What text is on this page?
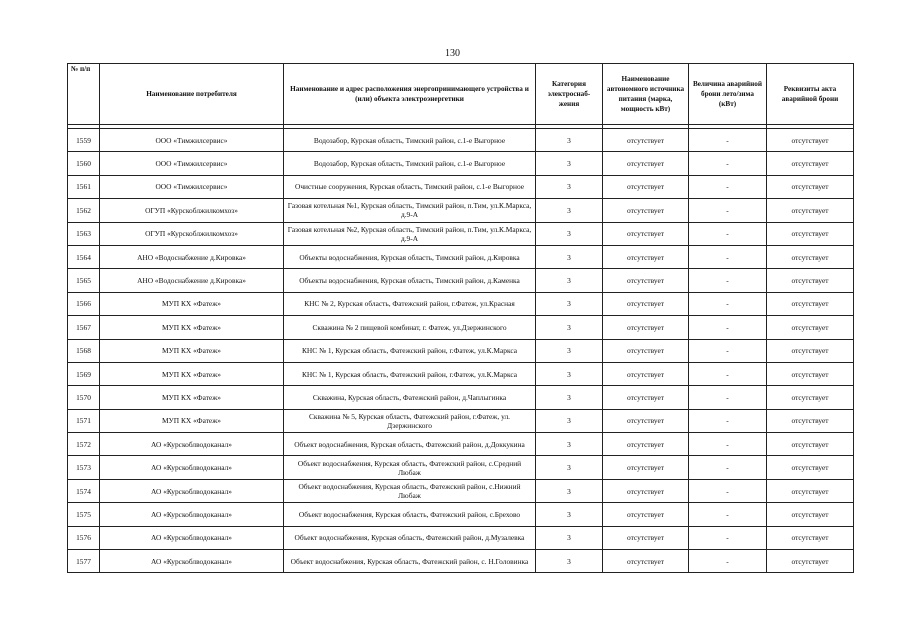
130
№ п/п	Наименование потребителя	Наименование и адрес расположения энергопринимающего устройства и (или) объекта электроэнергетики	Категория электроснаб-жения	Наименование автономного источника питания (марка, мощность кВт)	Величина аварийной брони лето/зима (кВт)	Реквизиты акта аварийной брони

1559	ООО «Тимжилсервис»	Водозабор, Курская область, Тимский район, с.1-е Выгорное	3	отсутствует	-	отсутствует
1560	ООО «Тимжилсервис»	Водозабор, Курская область, Тимский район, с.1-е Выгорное	3	отсутствует	-	отсутствует
1561	ООО «Тимжилсервис»	Очистные сооружения, Курская область, Тимский район, с.1-е Выгорное	3	отсутствует	-	отсутствует
1562	ОГУП «Курскоблжилкомхоз»	Газовая котельная №1, Курская область, Тимский район, п.Тим, ул.К.Маркса, д.9-А	3	отсутствует	-	отсутствует
1563	ОГУП «Курскоблжилкомхоз»	Газовая котельная №2, Курская область, Тимский район, п.Тим, ул.К.Маркса, д.9-А	3	отсутствует	-	отсутствует
1564	АНО «Водоснабжение д.Кировка»	Объекты водоснабжения, Курская область, Тимский район, д.Кировка	3	отсутствует	-	отсутствует
1565	АНО «Водоснабжение д.Кировка»	Объекты водоснабжения, Курская область, Тимский район, д.Каменка	3	отсутствует	-	отсутствует
1566	МУП КХ «Фатеж»	КНС № 2, Курская область, Фатежский район, г.Фатеж, ул.Красная	3	отсутствует	-	отсутствует
1567	МУП КХ «Фатеж»	Скважина № 2 пищевой комбинат, г. Фатеж, ул.Дзержинского	3	отсутствует	-	отсутствует
1568	МУП КХ «Фатеж»	КНС № 1, Курская область, Фатежский район, г.Фатеж, ул.К.Маркса	3	отсутствует	-	отсутствует
1569	МУП КХ «Фатеж»	КНС № 1, Курская область, Фатежский район, г.Фатеж, ул.К.Маркса	3	отсутствует	-	отсутствует
1570	МУП КХ «Фатеж»	Скважина, Курская область, Фатежский район, д.Чаплыгинка	3	отсутствует	-	отсутствует
1571	МУП КХ «Фатеж»	Скважина № 5, Курская область, Фатежский район, г.Фатеж, ул. Дзержинского	3	отсутствует	-	отсутствует
1572	АО «Курскоблводоканал»	Объект водоснабжения, Курская область, Фатежский район, д.Доккукина	3	отсутствует	-	отсутствует
1573	АО «Курскоблводоканал»	Объект водоснабжения, Курская область, Фатежский район, с.Средний Любаж	3	отсутствует	-	отсутствует
1574	АО «Курскоблводоканал»	Объект водоснабжения, Курская область, Фатежский район, с.Нижний Любаж	3	отсутствует	-	отсутствует
1575	АО «Курскоблводоканал»	Объект водоснабжения, Курская область, Фатежский район, с.Брехово	3	отсутствует	-	отсутствует
1576	АО «Курскоблводоканал»	Объект водоснабжения, Курская область, Фатежский район, д.Музалевка	3	отсутствует	-	отсутствует
1577	АО «Курскоблводоканал»	Объект водоснабжения, Курская область, Фатежский район, с. Н.Головинка	3	отсутствует	-	отсутствует
